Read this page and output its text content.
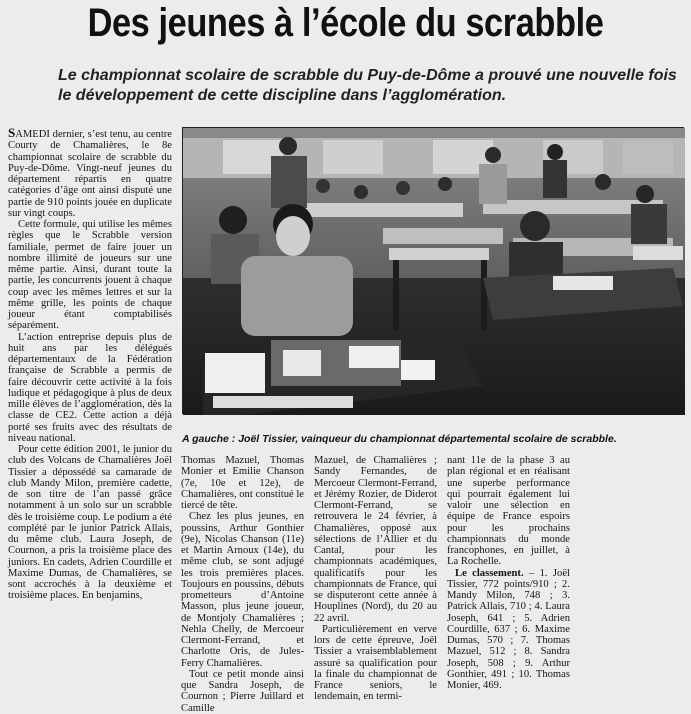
Des jeunes à l’école du scrabble
Le championnat scolaire de scrabble du Puy-de-Dôme a prouvé une nouvelle fois le développement de cette discipline dans l’agglomération.

SAMEDI dernier, s’est tenu, au centre Courty de Chamalières, le 8e championnat scolaire de scrabble du Puy-de-Dôme. Vingt-neuf jeunes du département répartis en quatre catégories d’âge ont ainsi disputé une partie de 910 points jouée en duplicate sur vingt coups.

Cette formule, qui utilise les mêmes règles que le Scrabble version familiale, permet de faire jouer un nombre illimité de joueurs sur une même partie. Ainsi, durant toute la partie, les concurrents jouent à chaque coup avec les mêmes lettres et sur la même grille, les points de chaque joueur étant comptabilisés séparément.

L’action entreprise depuis plus de huit ans par les délégués départementaux de la Fédération française de Scrabble a permis de faire découvrir cette activité à la fois ludique et pédagogique à plus de deux mille élèves de l’agglomération, dès la classe de CE2. Cette action a déjà porté ses fruits avec des résultats de niveau national.

Pour cette édition 2001, le junior du club des Volcans de Chamalières Joël Tissier a dépossédé sa camarade de club Mandy Milon, première cadette, de son titre de l’an passé grâce notamment à un solo sur un scrabble dès le troisième coup. Le podium a été complété par le junior Patrick Allais, du même club. Laura Joseph, de Cournon, a pris la troisième place des juniors. En cadets, Adrien Courdille et Maxime Dumas, de Chamalières, se sont accrochés à la deuxième et troisième places. En benjamins,

A gauche : Joël Tissier, vainqueur du championnat départemental scolaire de scrabble.

Thomas Mazuel, Thomas Monier et Emilie Chanson (7e, 10e et 12e), de Chamalières, ont constitué le tiercé de tête.

Chez les plus jeunes, en poussins, Arthur Gonthier (9e), Nicolas Chanson (11e) et Martin Arnoux (14e), du même club, se sont adjugé les trois premières places. Toujours en poussins, débuts prometteurs d’Antoine Masson, plus jeune joueur, de Montjoly Chamalières ; Nehla Chelly, de Mercoeur Clermont-Ferrand, et Charlotte Oris, de Jules-Ferry Chamalières.

Tout ce petit monde ainsi que Sandra Joseph, de Cournon ; Pierre Juillard et Camille

Mazuel, de Chamalières ; Sandy Fernandes, de Mercoeur Clermont-Ferrand, et Jérémy Rozier, de Diderot Clermont-Ferrand, se retrouvera le 24 février, à Chamalières, opposé aux sélections de l’Allier et du Cantal, pour les championnats académiques, qualificatifs pour les championnats de France, qui se disputeront cette année à Houplines (Nord), du 20 au 22 avril.

Particulièrement en verve lors de cette épreuve, Joël Tissier a vraisemblablement assuré sa qualification pour la finale du championnat de France seniors, le lendemain, en termi-

nant 11e de la phase 3 au plan régional et en réalisant une superbe performance qui pourrait également lui valoir une sélection en équipe de France espoirs pour les prochains championnats du monde francophones, en juillet, à La Rochelle.

Le classement. – 1. Joël Tissier, 772 points/910 ; 2. Mandy Milon, 748 ; 3. Patrick Allais, 710 ; 4. Laura Joseph, 641 ; 5. Adrien Courdille, 637 ; 6. Maxime Dumas, 570 ; 7. Thomas Mazuel, 512 ; 8. Sandra Joseph, 508 ; 9. Arthur Gonthier, 491 ; 10. Thomas Monier, 469.
